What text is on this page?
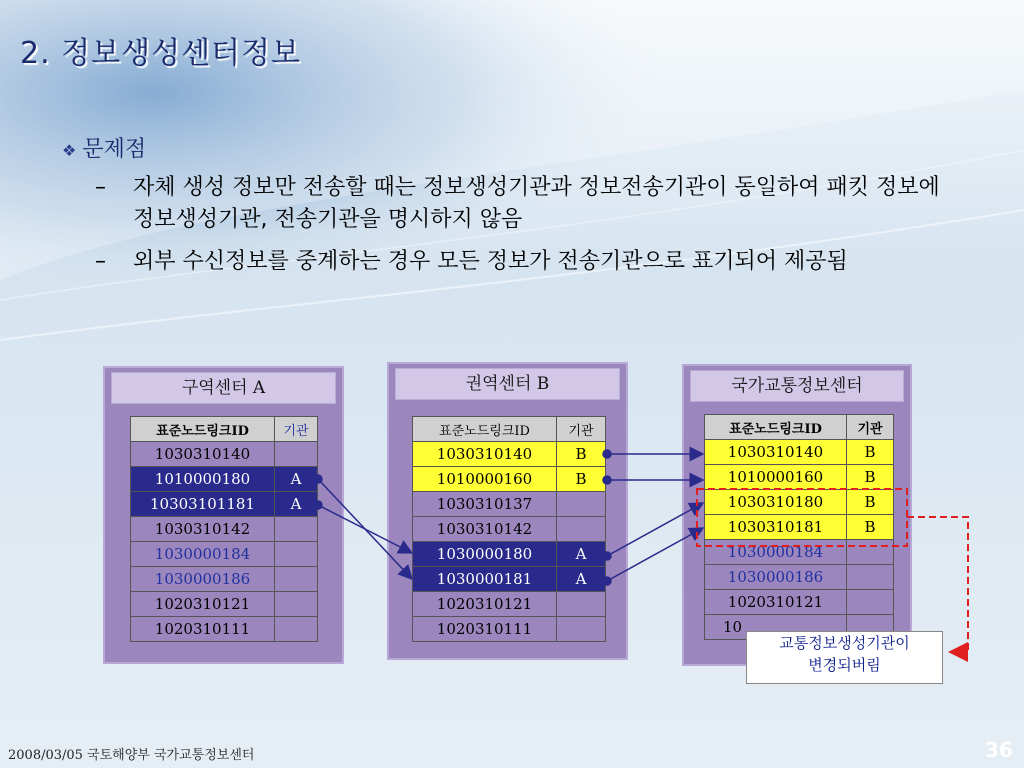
2. 정보생성센터정보
❖ 문제점
– 자체 생성 정보만 전송할 때는 정보생성기관과 정보전송기관이 동일하여 패킷 정보에 정보생성기관, 전송기관을 명시하지 않음
– 외부 수신정보를 중계하는 경우 모든 정보가 전송기관으로 표기되어 제공됨
구역센터 A
표준노드링크ID	기관
1030310140	
1010000180	A
10303101181	A
1030310142	
1030000184	
1030000186	
1020310121	
1020310111	
권역센터 B
표준노드링크ID	기관
1030310140	B
1010000160	B
1030310137	
1030310142	
1030000180	A
1030000181	A
1020310121	
1020310111	
국가교통정보센터
표준노드링크ID	기관
1030310140	B
1010000160	B
1030310180	B
1030310181	B
1030000184	
1030000186	
1020310121	
10	
교통정보생성기관이
변경되버림
2008/03/05 국토해양부 국가교통정보센터	36
